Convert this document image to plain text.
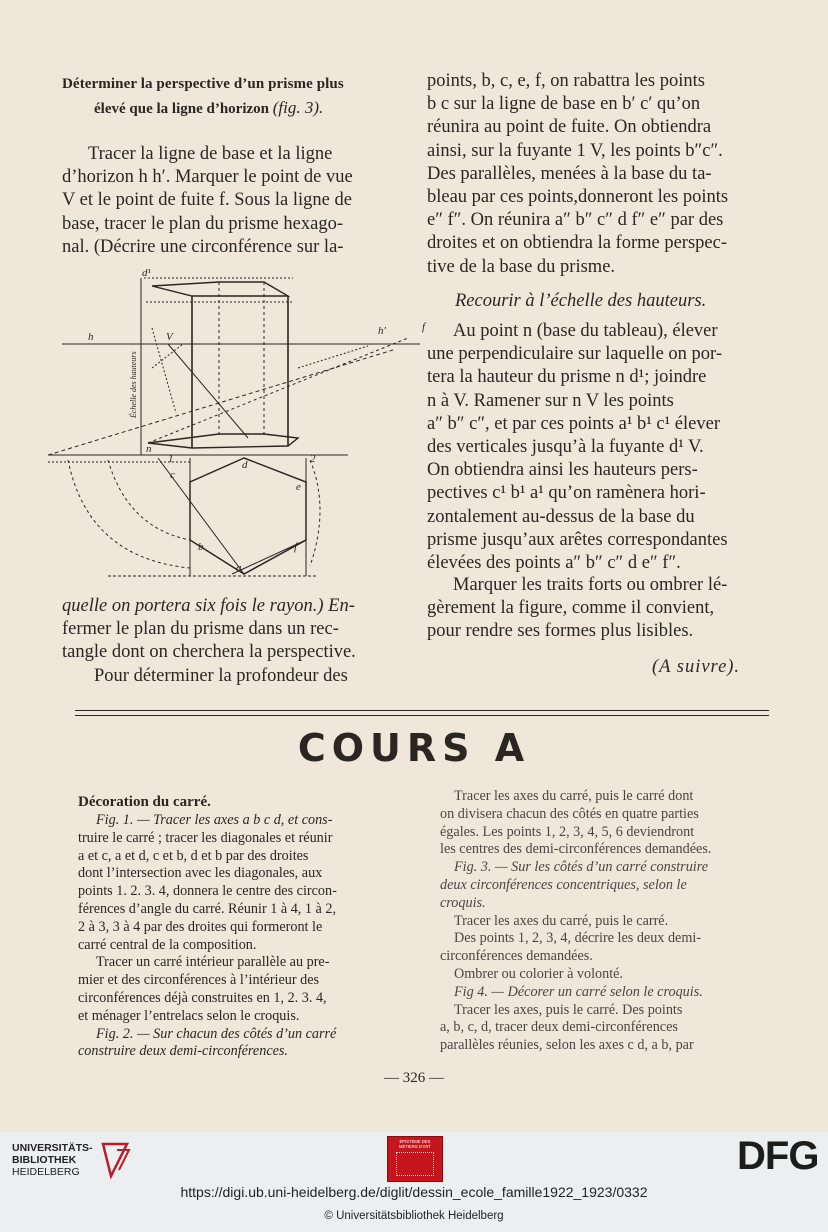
Déterminer la perspective d’un prisme plus
élevé que la ligne d’horizon (fig. 3).
Tracer la ligne de base et la ligne
d’horizon h h′. Marquer le point de vue
V et le point de fuite f. Sous la ligne de
base, tracer le plan du prisme hexago-
nal. (Décrire une circonférence sur la-
h	h′
V
f
d¹
n
d
e
b	f
a
c
1	2
Échelle des hauteurs
quelle on portera six fois le rayon.) En-
fermer le plan du prisme dans un rec-
tangle dont on cherchera la perspective.
Pour déterminer la profondeur des
points, b, c, e, f, on rabattra les points
b c sur la ligne de base en b′ c′ qu’on
réunira au point de fuite. On obtiendra
ainsi, sur la fuyante 1 V, les points b″c″.
Des parallèles, menées à la base du ta-
bleau par ces points,donneront les points
e″ f″. On réunira a″ b″ c″ d f″ e″ par des
droites et on obtiendra la forme perspec-
tive de la base du prisme.
Recourir à l’échelle des hauteurs.
Au point n (base du tableau), élever
une perpendiculaire sur laquelle on por-
tera la hauteur du prisme n d¹; joindre
n à V. Ramener sur n V les points
a″ b″ c″, et par ces points a¹ b¹ c¹ élever
des verticales jusqu’à la fuyante d¹ V.
On obtiendra ainsi les hauteurs pers-
pectives c¹ b¹ a¹ qu’on ramènera hori-
zontalement au-dessus de la base du
prisme jusqu’aux arêtes correspondantes
élevées des points a″ b″ c″ d e″ f″.
Marquer les traits forts ou ombrer lé-
gèrement la figure, comme il convient,
pour rendre ses formes plus lisibles.
(A suivre).
COURS A
Décoration du carré.
Fig. 1. — Tracer les axes a b c d, et cons-
truire le carré ; tracer les diagonales et réunir
a et c, a et d, c et b, d et b par des droites
dont l’intersection avec les diagonales, aux
points 1. 2. 3. 4, donnera le centre des circon-
férences d’angle du carré. Réunir 1 à 4, 1 à 2,
2 à 3, 3 à 4 par des droites qui formeront le
carré central de la composition.
Tracer un carré intérieur parallèle au pre-
mier et des circonférences à l’intérieur des
circonférences déjà construites en 1, 2. 3. 4,
et ménager l’entrelacs selon le croquis.
Fig. 2. — Sur chacun des côtés d’un carré
construire deux demi-circonférences.
Tracer les axes du carré, puis le carré dont
on divisera chacun des côtés en quatre parties
égales. Les points 1, 2, 3, 4, 5, 6 deviendront
les centres des demi-circonférences demandées.
Fig. 3. — Sur les côtés d’un carré construire
deux circonférences concentriques, selon le
croquis.
Tracer les axes du carré, puis le carré.
Des points 1, 2, 3, 4, décrire les deux demi-
circonférences demandées.
Ombrer ou colorier à volonté.
Fig 4. — Décorer un carré selon le croquis.
Tracer les axes, puis le carré. Des points
a, b, c, d, tracer deux demi-circonférences
parallèles réunies, selon les axes c d, a b, par
— 326 —
UNIVERSITÄTS-
BIBLIOTHEK
HEIDELBERG
ÉPISTÈME DES MÉTIERS D'ART	DFG
https://digi.ub.uni-heidelberg.de/diglit/dessin_ecole_famille1922_1923/0332
© Universitätsbibliothek Heidelberg
